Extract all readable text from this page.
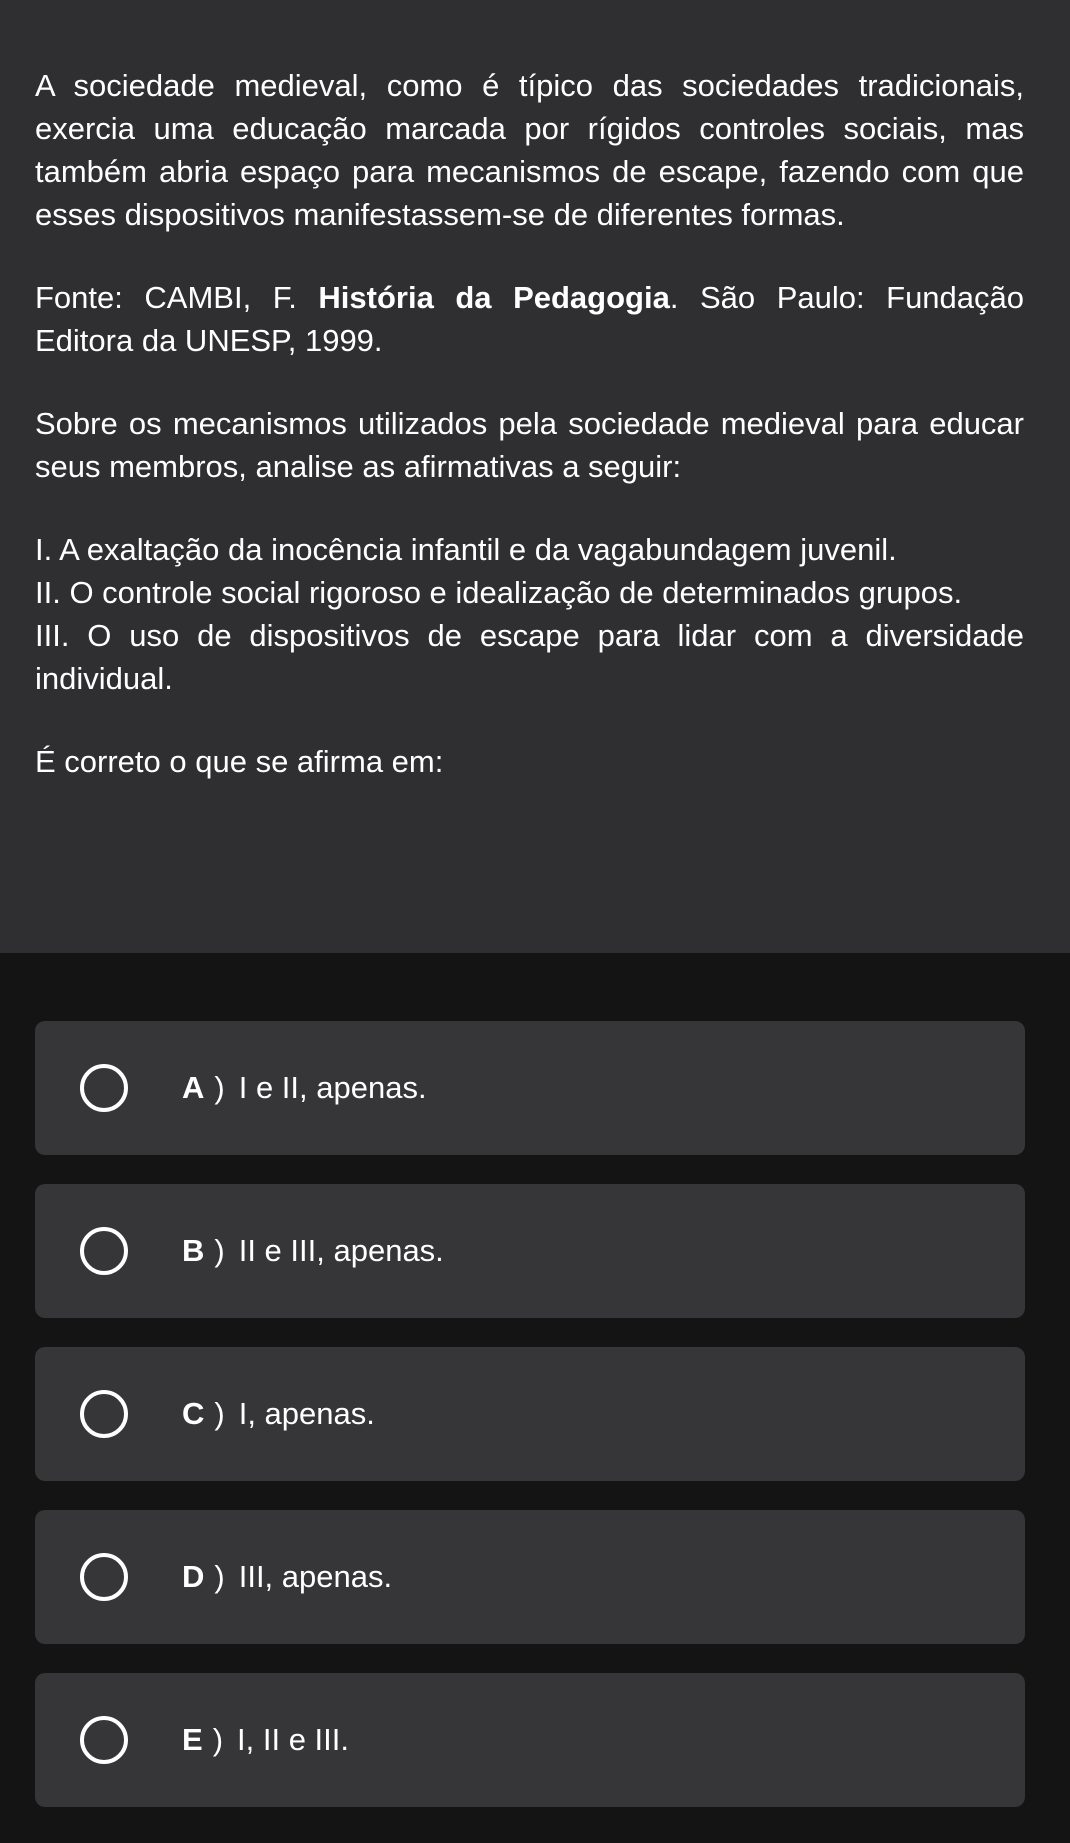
A sociedade medieval, como é típico das sociedades tradicionais, exercia uma educação marcada por rígidos controles sociais, mas também abria espaço para mecanismos de escape, fazendo com que esses dispositivos manifestassem-se de diferentes formas.

Fonte: CAMBI, F. História da Pedagogia. São Paulo: Fundação Editora da UNESP, 1999.

Sobre os mecanismos utilizados pela sociedade medieval para educar seus membros, analise as afirmativas a seguir:

I. A exaltação da inocência infantil e da vagabundagem juvenil.

II. O controle social rigoroso e idealização de determinados grupos.

III. O uso de dispositivos de escape para lidar com a diversidade individual.

É correto o que se afirma em:

A ) I e II, apenas.
B ) II e III, apenas.
C ) I, apenas.
D ) III, apenas.
E ) I, II e III.
